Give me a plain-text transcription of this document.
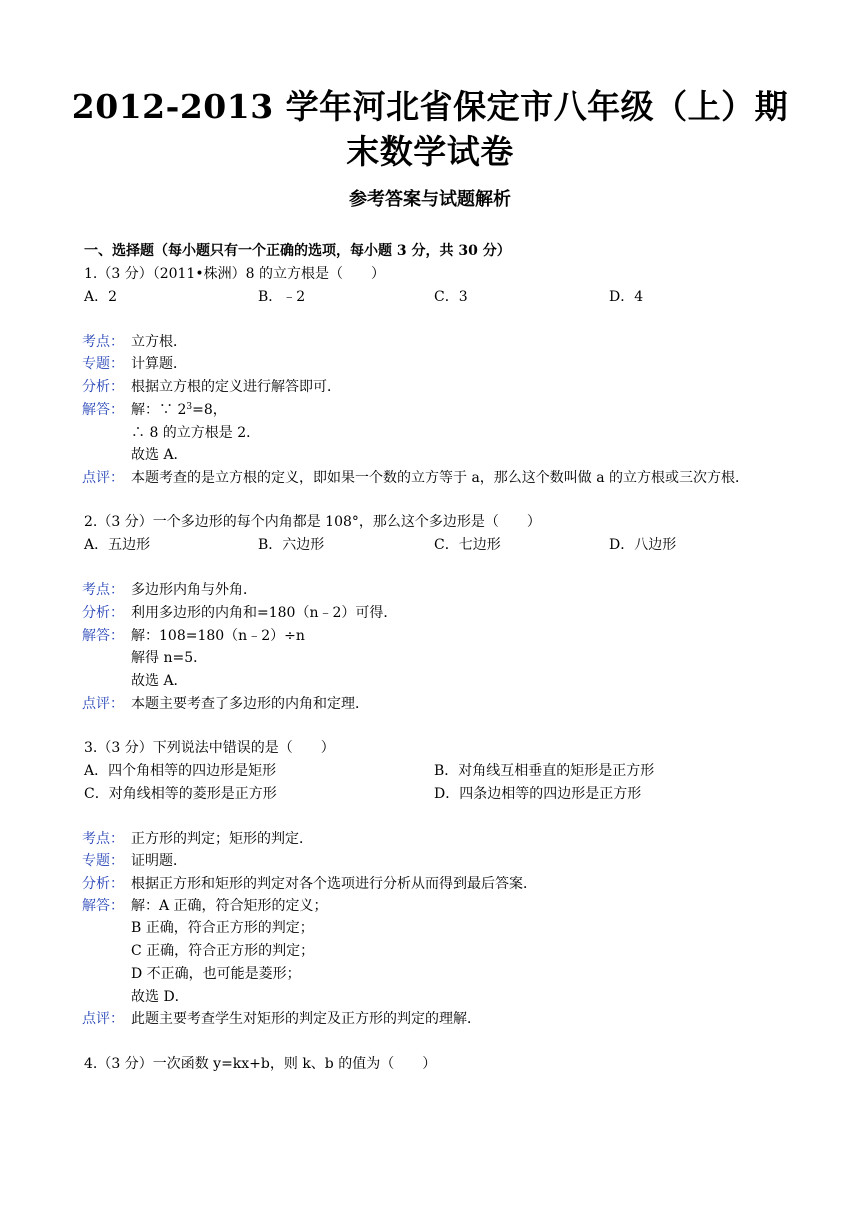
2012-2013 学年河北省保定市八年级（上）期
末数学试卷
参考答案与试题解析
一、选择题（每小题只有一个正确的选项，每小题 3 分，共 30 分）
1.（3 分）（2011•株洲）8 的立方根是（　　）
A．2	B．﹣2	C．3	D．4
考点： 立方根．
专题： 计算题．
分析： 根据立方根的定义进行解答即可．
解答： 解：∵ $2^3=8$，
∴ 8 的立方根是 2．
故选 A．
点评： 本题考查的是立方根的定义，即如果一个数的立方等于 a，那么这个数叫做 a 的立方根或三次方根．
2.（3 分）一个多边形的每个内角都是 108°，那么这个多边形是（　　）
A．五边形	B．六边形	C．七边形	D．八边形
考点： 多边形内角与外角．
分析： 利用多边形的内角和=180（n﹣2）可得．
解答： 解：108=180（n﹣2）÷n
解得 n=5．
故选 A．
点评： 本题主要考查了多边形的内角和定理．
3.（3 分）下列说法中错误的是（　　）
A．四个角相等的四边形是矩形	B．对角线互相垂直的矩形是正方形
C．对角线相等的菱形是正方形	D．四条边相等的四边形是正方形
考点： 正方形的判定；矩形的判定．
专题： 证明题．
分析： 根据正方形和矩形的判定对各个选项进行分析从而得到最后答案．
解答： 解：A 正确，符合矩形的定义；
B 正确，符合正方形的判定；
C 正确，符合正方形的判定；
D 不正确，也可能是菱形；
故选 D．
点评： 此题主要考查学生对矩形的判定及正方形的判定的理解．
4.（3 分）一次函数 y=kx+b，则 k、b 的值为（　　）
